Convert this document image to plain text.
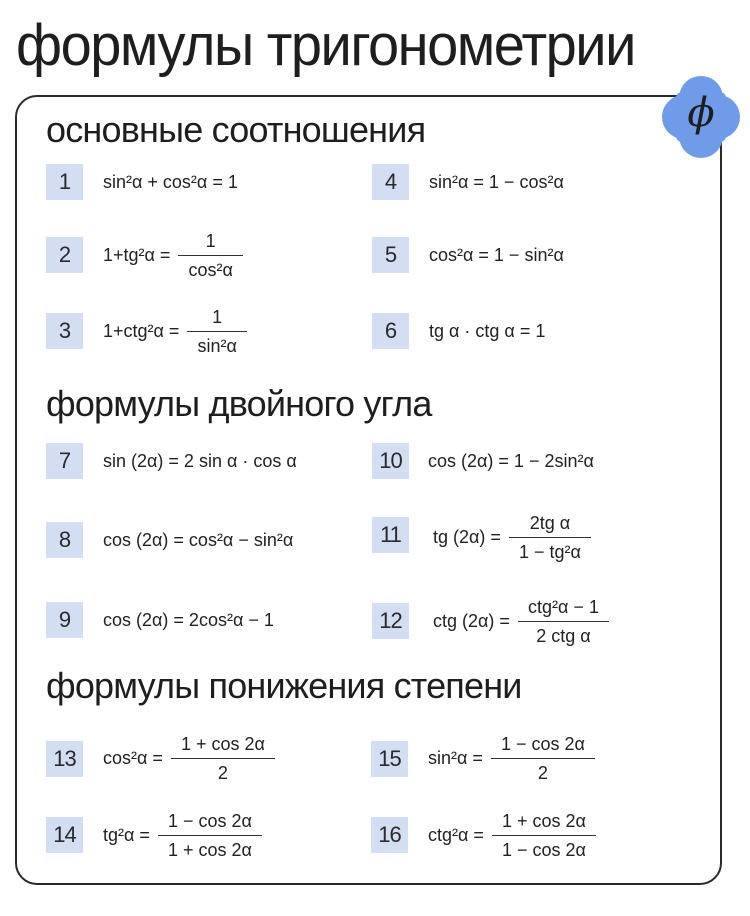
формулы тригонометрии
ϕ
основные соотношения
1	sin²α + cos²α = 1
2	$1+tg^2\alpha = \frac{1}{\text{cos²α}}$
3	$1+ctg^2\alpha = \frac{1}{\text{sin²α}}$
4	sin²α = 1 − cos²α
5	cos²α = 1 − sin²α
6	tg α · ctg α = 1
формулы двойного угла
7	sin (2α) = 2 sin α · cos α
8	cos (2α) = cos²α − sin²α
9	cos (2α) = 2cos²α − 1
10	cos (2α) = 1 − 2sin²α
11	tg $(2\alpha) = \frac{\text{2tg α}}{\text{1 − tg²α}}$
12	ctg $(2\alpha) = \frac{\text{ctg²α − 1}}{\text{2 ctg α}}$
формулы понижения степени
13	$\cos^2\alpha = \frac{1 + \cos 2\alpha}{2}$
14	$tg^2\alpha = \frac{1 - \cos 2\alpha}{1 + \cos 2\alpha}$
15	$\sin^2\alpha = \frac{1 - \cos 2\alpha}{2}$
16	$ctg^2\alpha = \frac{1 + \cos 2\alpha}{1 - \cos 2\alpha}$
